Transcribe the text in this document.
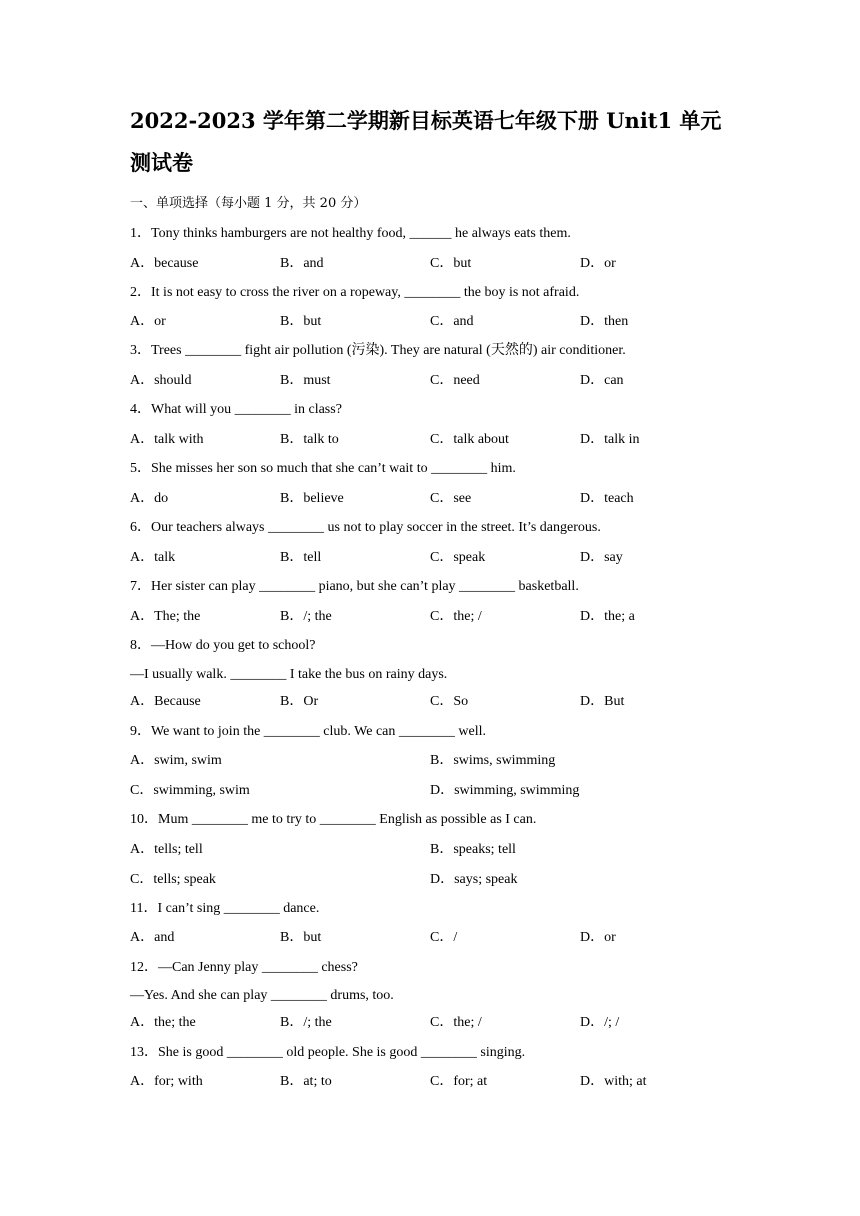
2022-2023 学年第二学期新目标英语七年级下册 Unit1 单元
测试卷
一、单项选择（每小题 1 分，共 20 分）
1．Tony thinks hamburgers are not healthy food, ______ he always eats them.
A．because	B．and	C．but	D．or
2．It is not easy to cross the river on a ropeway, ________ the boy is not afraid.
A．or	B．but	C．and	D．then
3．Trees ________ fight air pollution (污染). They are natural (天然的) air conditioner.
A．should	B．must	C．need	D．can
4．What will you ________ in class?
A．talk with	B．talk to	C．talk about	D．talk in
5．She misses her son so much that she can’t wait to ________ him.
A．do	B．believe	C．see	D．teach
6．Our teachers always ________ us not to play soccer in the street. It’s dangerous.
A．talk	B．tell	C．speak	D．say
7．Her sister can play ________ piano, but she can’t play ________ basketball.
A．The; the	B．/; the	C．the; /	D．the; a
8．—How do you get to school?
—I usually walk. ________ I take the bus on rainy days.
A．Because	B．Or	C．So	D．But
9．We want to join the ________ club. We can ________ well.
A．swim, swim	B．swims, swimming
C．swimming, swim	D．swimming, swimming
10．Mum ________ me to try to ________ English as possible as I can.
A．tells; tell	B．speaks; tell
C．tells; speak	D．says; speak
11．I can’t sing ________ dance.
A．and	B．but	C．/	D．or
12．—Can Jenny play ________ chess?
—Yes. And she can play ________ drums, too.
A．the; the	B．/; the	C．the; /	D．/; /
13．She is good ________ old people. She is good ________ singing.
A．for; with	B．at; to	C．for; at	D．with; at
